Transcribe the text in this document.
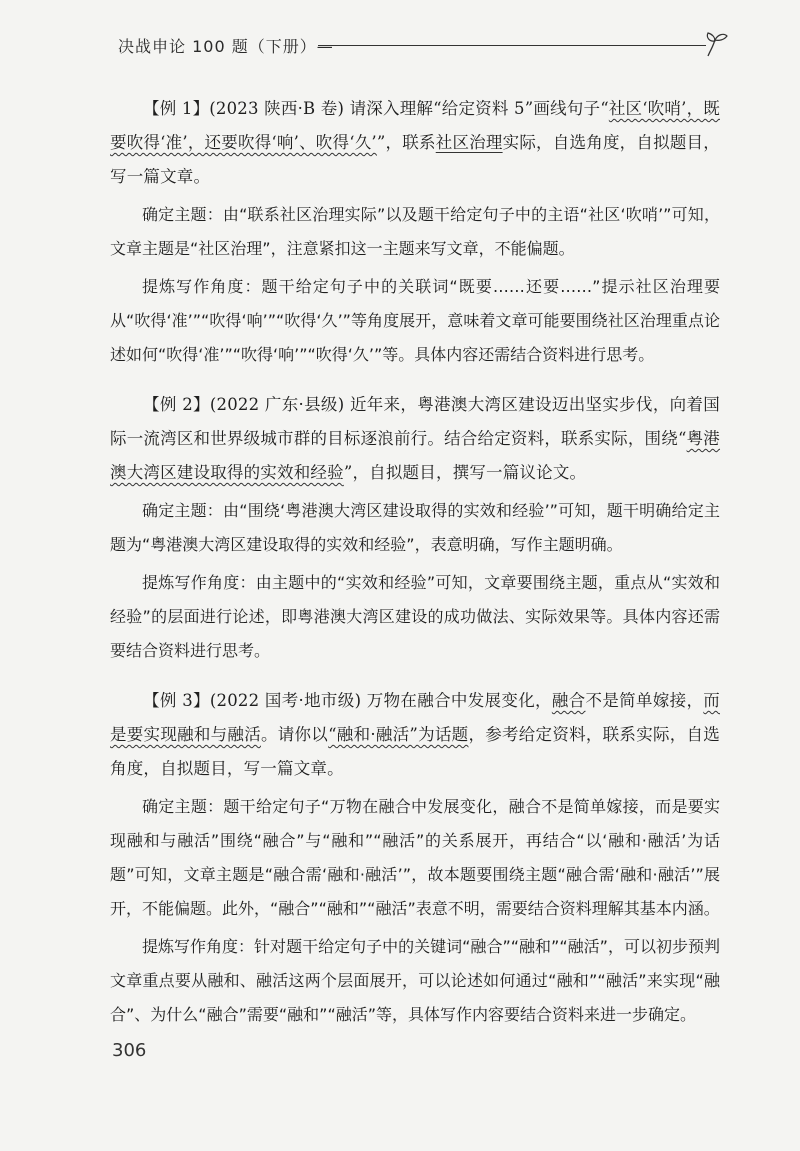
决战申论 100 题（下册）—

【例 1】(2023 陕西·B 卷) 请深入理解“给定资料 5”画线句子“社区‘吹哨’，既要吹得‘准’，还要吹得‘响’、吹得‘久’”，联系社区治理实际，自选角度，自拟题目，写一篇文章。

确定主题：由“联系社区治理实际”以及题干给定句子中的主语“社区‘吹哨’”可知，文章主题是“社区治理”，注意紧扣这一主题来写文章，不能偏题。

提炼写作角度：题干给定句子中的关联词“既要……还要……”提示社区治理要从“吹得‘准’”“吹得‘响’”“吹得‘久’”等角度展开，意味着文章可能要围绕社区治理重点论述如何“吹得‘准’”“吹得‘响’”“吹得‘久’”等。具体内容还需结合资料进行思考。

【例 2】(2022 广东·县级) 近年来，粤港澳大湾区建设迈出坚实步伐，向着国际一流湾区和世界级城市群的目标逐浪前行。结合给定资料，联系实际，围绕“粤港澳大湾区建设取得的实效和经验”，自拟题目，撰写一篇议论文。

确定主题：由“围绕‘粤港澳大湾区建设取得的实效和经验’”可知，题干明确给定主题为“粤港澳大湾区建设取得的实效和经验”，表意明确，写作主题明确。

提炼写作角度：由主题中的“实效和经验”可知，文章要围绕主题，重点从“实效和经验”的层面进行论述，即粤港澳大湾区建设的成功做法、实际效果等。具体内容还需要结合资料进行思考。

【例 3】(2022 国考·地市级) 万物在融合中发展变化，融合不是简单嫁接，而是要实现融和与融活。请你以“融和·融活”为话题，参考给定资料，联系实际，自选角度，自拟题目，写一篇文章。

确定主题：题干给定句子“万物在融合中发展变化，融合不是简单嫁接，而是要实现融和与融活”围绕“融合”与“融和”“融活”的关系展开，再结合“以‘融和·融活’为话题”可知，文章主题是“融合需‘融和·融活’”，故本题要围绕主题“融合需‘融和·融活’”展开，不能偏题。此外，“融合”“融和”“融活”表意不明，需要结合资料理解其基本内涵。

提炼写作角度：针对题干给定句子中的关键词“融合”“融和”“融活”，可以初步预判文章重点要从融和、融活这两个层面展开，可以论述如何通过“融和”“融活”来实现“融合”、为什么“融合”需要“融和”“融活”等，具体写作内容要结合资料来进一步确定。

306
